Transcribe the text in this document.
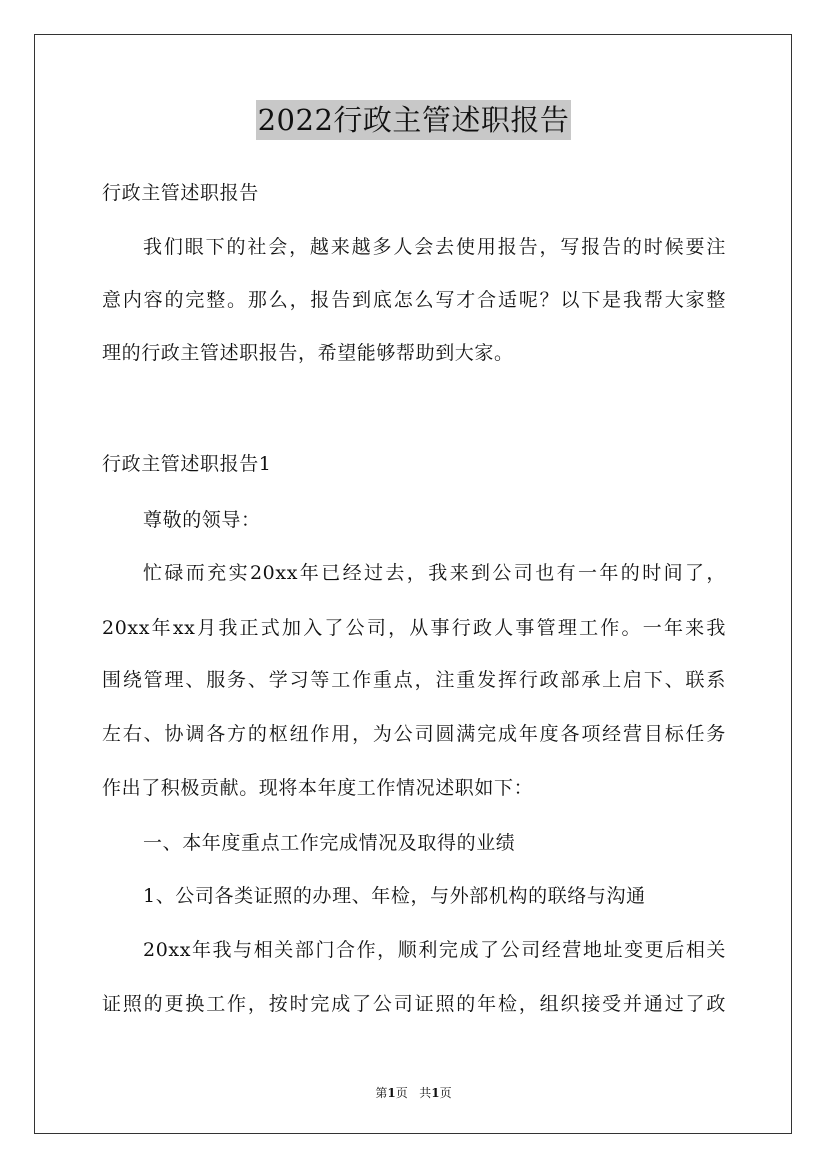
2022行政主管述职报告
行政主管述职报告
我们眼下的社会，越来越多人会去使用报告，写报告的时候要注
意内容的完整。那么，报告到底怎么写才合适呢？以下是我帮大家整
理的行政主管述职报告，希望能够帮助到大家。
行政主管述职报告1
尊敬的领导：
忙碌而充实20xx年已经过去，我来到公司也有一年的时间了，
20xx年xx月我正式加入了公司，从事行政人事管理工作。一年来我
围绕管理、服务、学习等工作重点，注重发挥行政部承上启下、联系
左右、协调各方的枢纽作用，为公司圆满完成年度各项经营目标任务
作出了积极贡献。现将本年度工作情况述职如下：
一、本年度重点工作完成情况及取得的业绩
1、公司各类证照的办理、年检，与外部机构的联络与沟通
20xx年我与相关部门合作，顺利完成了公司经营地址变更后相关
证照的更换工作，按时完成了公司证照的年检，组织接受并通过了政
第1页 共1页
